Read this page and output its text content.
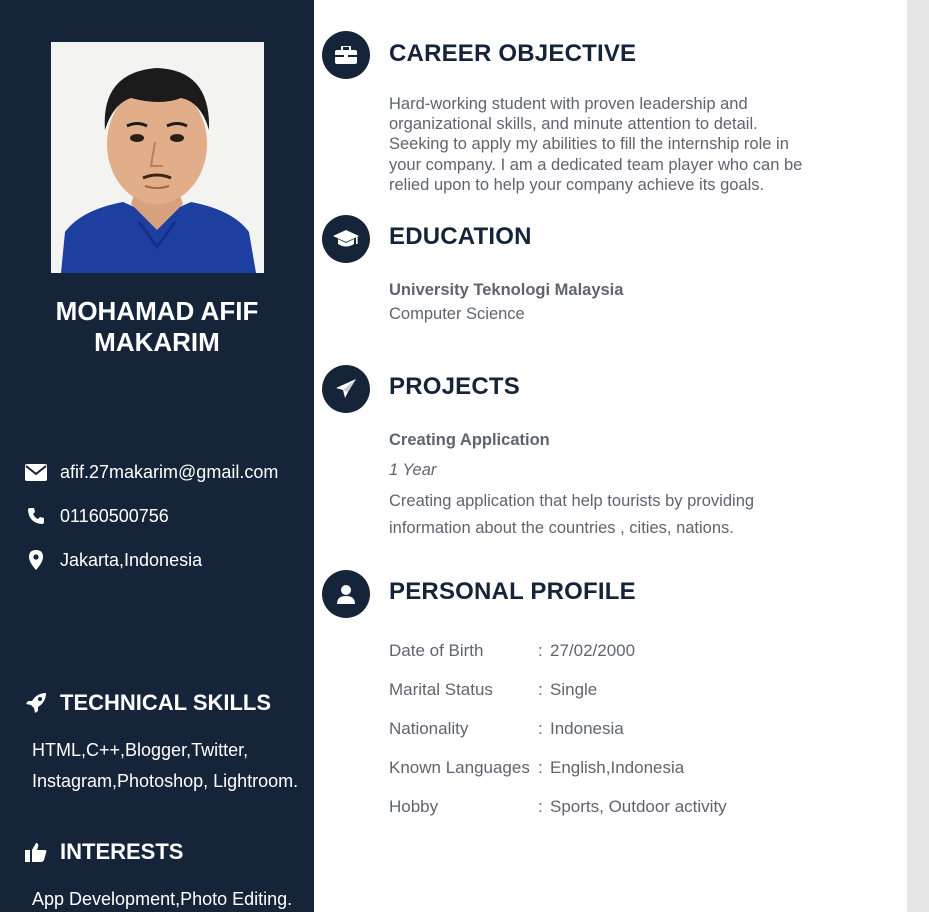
MOHAMAD AFIF MAKARIM
afif.27makarim@gmail.com
01160500756
Jakarta,Indonesia
TECHNICAL SKILLS
HTML,C++,Blogger,Twitter,
Instagram,Photoshop, Lightroom.
INTERESTS
App Development,Photo Editing.
CAREER OBJECTIVE
Hard-working student with proven leadership and
organizational skills, and minute attention to detail.
Seeking to apply my abilities to fill the internship role in
your company. I am a dedicated team player who can be
relied upon to help your company achieve its goals.
EDUCATION
University Teknologi Malaysia
Computer Science
PROJECTS
Creating Application
1 Year
Creating application that help tourists by providing
information about the countries , cities, nations.
PERSONAL PROFILE
Date of Birth	: 27/02/2000
Marital Status	: Single
Nationality	: Indonesia
Known Languages : English,Indonesia
Hobby	: Sports, Outdoor activity
